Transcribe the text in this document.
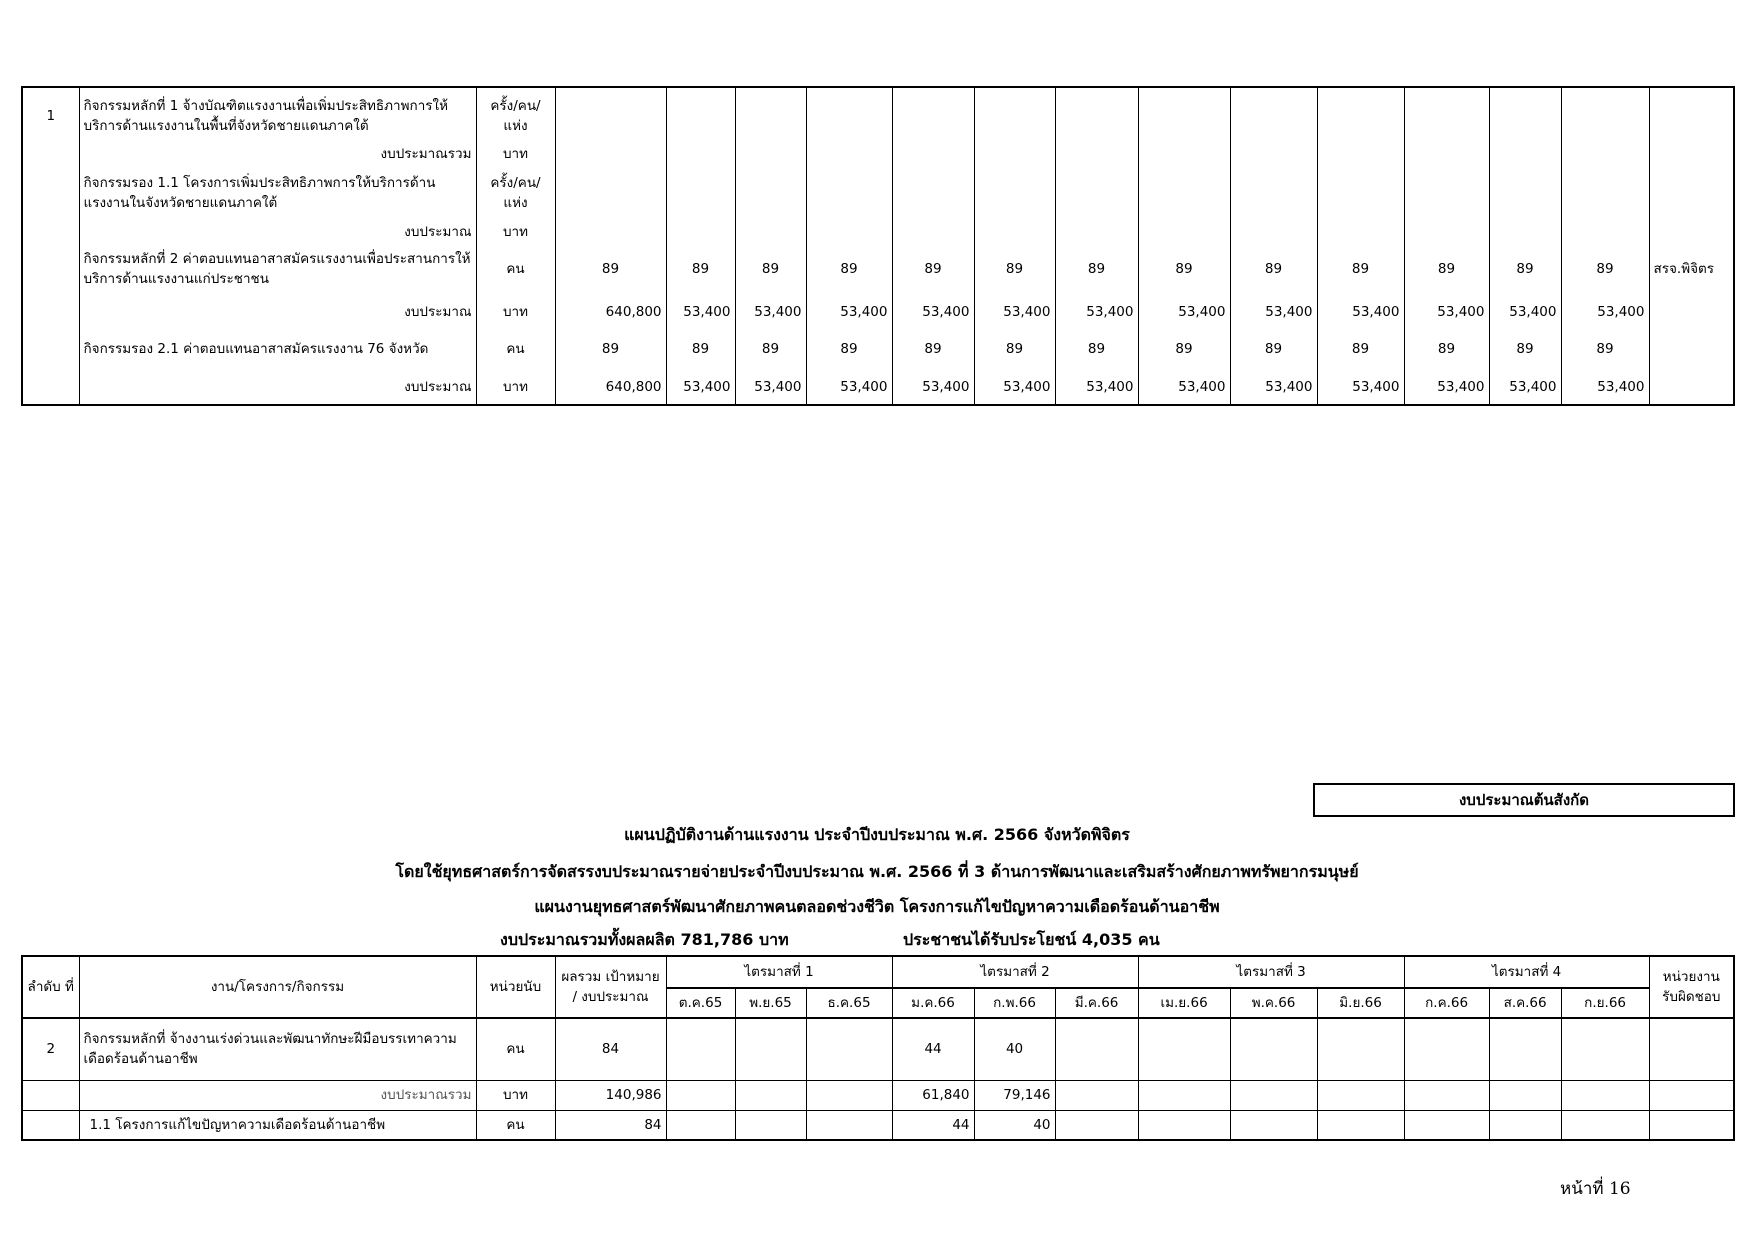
1	กิจกรรมหลักที่ 1 จ้างบัณฑิตแรงงานเพื่อเพิ่มประสิทธิภาพการให้บริการด้านแรงงานในพื้นที่จังหวัดชายแดนภาคใต้	ครั้ง/คน/แห่ง														
	งบประมาณรวม	บาท														
	กิจกรรมรอง 1.1 โครงการเพิ่มประสิทธิภาพการให้บริการด้านแรงงานในจังหวัดชายแดนภาคใต้	ครั้ง/คน/แห่ง														
	งบประมาณ	บาท														
	กิจกรรมหลักที่ 2 ค่าตอบแทนอาสาสมัครแรงงานเพื่อประสานการให้บริการด้านแรงงานแก่ประชาชน	คน	89	89	89	89	89	89	89	89	89	89	89	89	89	สรจ.พิจิตร
	งบประมาณ	บาท	640,800	53,400	53,400	53,400	53,400	53,400	53,400	53,400	53,400	53,400	53,400	53,400	53,400	
	กิจกรรมรอง 2.1 ค่าตอบแทนอาสาสมัครแรงงาน 76 จังหวัด	คน	89	89	89	89	89	89	89	89	89	89	89	89	89	
	งบประมาณ	บาท	640,800	53,400	53,400	53,400	53,400	53,400	53,400	53,400	53,400	53,400	53,400	53,400	53,400	
งบประมาณต้นสังกัด
แผนปฏิบัติงานด้านแรงงาน ประจำปีงบประมาณ พ.ศ. 2566 จังหวัดพิจิตร
โดยใช้ยุทธศาสตร์การจัดสรรงบประมาณรายจ่ายประจำปีงบประมาณ พ.ศ. 2566 ที่ 3 ด้านการพัฒนาและเสริมสร้างศักยภาพทรัพยากรมนุษย์
แผนงานยุทธศาสตร์พัฒนาศักยภาพคนตลอดช่วงชีวิต โครงการแก้ไขปัญหาความเดือดร้อนด้านอาชีพ
งบประมาณรวมทั้งผลผลิต 781,786 บาท	ประชาชนได้รับประโยชน์ 4,035 คน
ลำดับ ที่	งาน/โครงการ/กิจกรรม	หน่วยนับ	ผลรวม เป้าหมาย / งบประมาณ	ไตรมาสที่ 1			ไตรมาสที่ 2			ไตรมาสที่ 3			ไตรมาสที่ 4			หน่วยงาน รับผิดชอบ
				ต.ค.65	พ.ย.65	ธ.ค.65	ม.ค.66	ก.พ.66	มี.ค.66	เม.ย.66	พ.ค.66	มิ.ย.66	ก.ค.66	ส.ค.66	ก.ย.66	

2	กิจกรรมหลักที่ จ้างงานเร่งด่วนและพัฒนาทักษะฝีมือบรรเทาความเดือดร้อนด้านอาชีพ	คน	84				44	40								
	งบประมาณรวม	บาท	140,986				61,840	79,146								
	1.1 โครงการแก้ไขปัญหาความเดือดร้อนด้านอาชีพ	คน	84				44	40								
หน้าที่ 16
